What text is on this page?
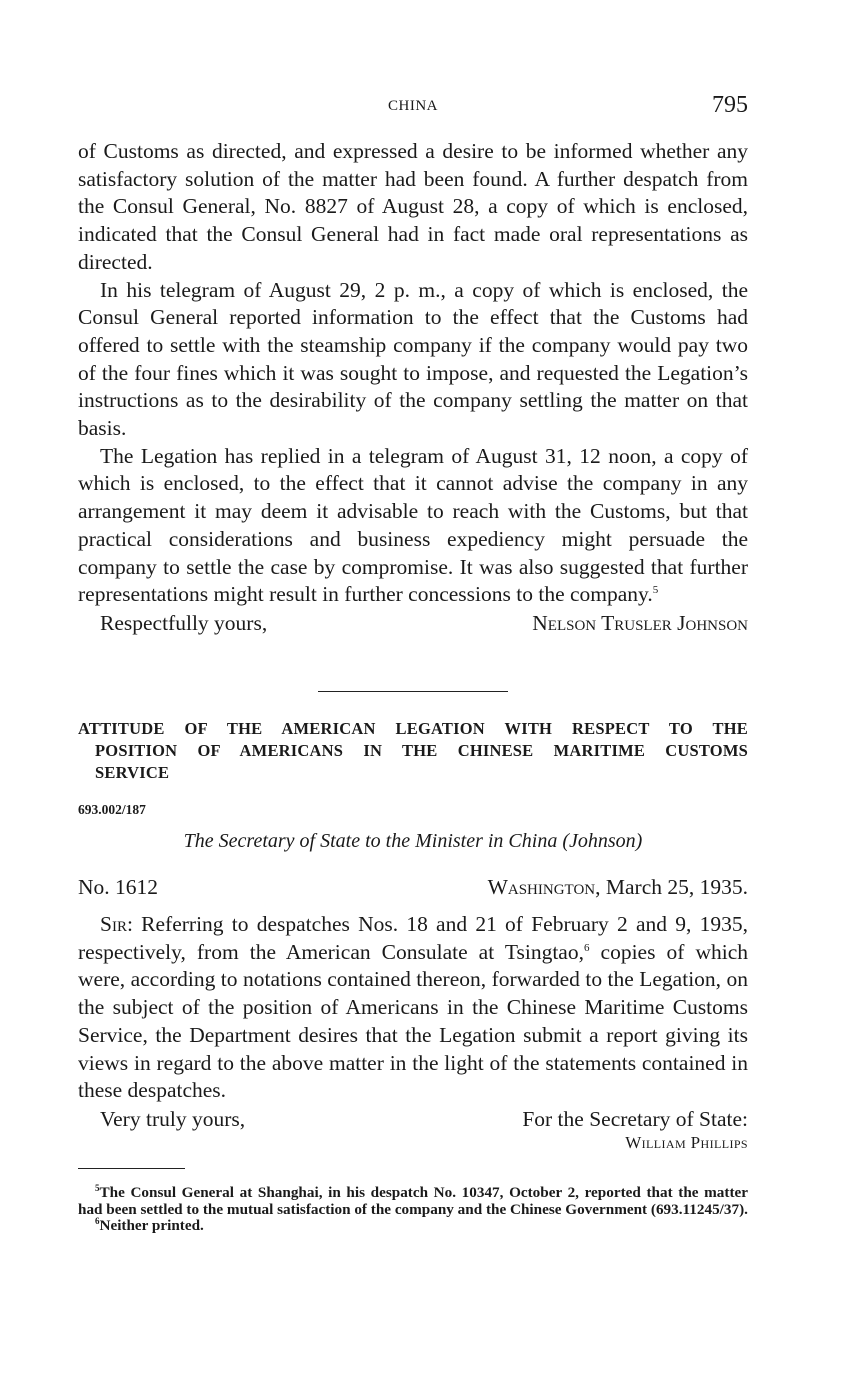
CHINA	795

of Customs as directed, and expressed a desire to be informed whether any satisfactory solution of the matter had been found. A further despatch from the Consul General, No. 8827 of August 28, a copy of which is enclosed, indicated that the Consul General had in fact made oral representations as directed.

In his telegram of August 29, 2 p. m., a copy of which is enclosed, the Consul General reported information to the effect that the Customs had offered to settle with the steamship company if the company would pay two of the four fines which it was sought to impose, and requested the Legation’s instructions as to the desirability of the company settling the matter on that basis.

The Legation has replied in a telegram of August 31, 12 noon, a copy of which is enclosed, to the effect that it cannot advise the company in any arrangement it may deem it advisable to reach with the Customs, but that practical considerations and business expediency might persuade the company to settle the case by compromise. It was also suggested that further representations might result in further concessions to the company.$^5$

Respectfully yours,	Nelson Trusler Johnson
ATTITUDE OF THE AMERICAN LEGATION WITH RESPECT TO THE
POSITION OF AMERICANS IN THE CHINESE MARITIME CUSTOMS
SERVICE
693.002/187
The Secretary of State to the Minister in China (Johnson)
No. 1612	Washington, March 25, 1935.

Sir: Referring to despatches Nos. 18 and 21 of February 2 and 9, 1935, respectively, from the American Consulate at Tsingtao,$^6$ copies of which were, according to notations contained thereon, forwarded to the Legation, on the subject of the position of Americans in the Chinese Maritime Customs Service, the Department desires that the Legation submit a report giving its views in regard to the above matter in the light of the statements contained in these despatches.

Very truly yours,	For the Secretary of State:
William Phillips

$^5$The Consul General at Shanghai, in his despatch No. 10347, October 2, reported that the matter had been settled to the mutual satisfaction of the company and the Chinese Government (693.11245/37).

$^6$Neither printed.
